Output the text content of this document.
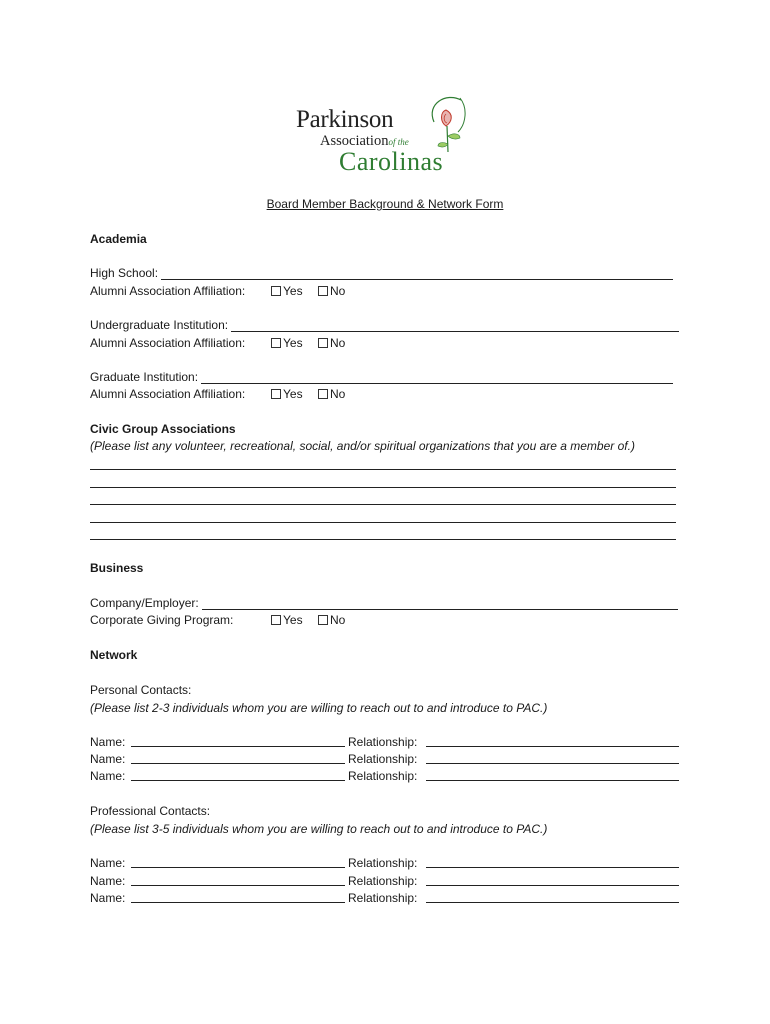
Parkinson
Associationof the
Carolinas
Board Member Background & Network Form
Academia
High School:
Alumni Association Affiliation:	Yes	No
Undergraduate Institution:
Alumni Association Affiliation:	Yes	No
Graduate Institution:
Alumni Association Affiliation:	Yes	No
Civic Group Associations
(Please list any volunteer, recreational, social, and/or spiritual organizations that you are a member of.)
Business
Company/Employer:
Corporate Giving Program:	Yes	No
Network
Personal Contacts:
(Please list 2-3 individuals whom you are willing to reach out to and introduce to PAC.)
Name:	Relationship:
Name:	Relationship:
Name:	Relationship:
Professional Contacts:
(Please list 3-5 individuals whom you are willing to reach out to and introduce to PAC.)
Name:	Relationship:
Name:	Relationship:
Name:	Relationship:
